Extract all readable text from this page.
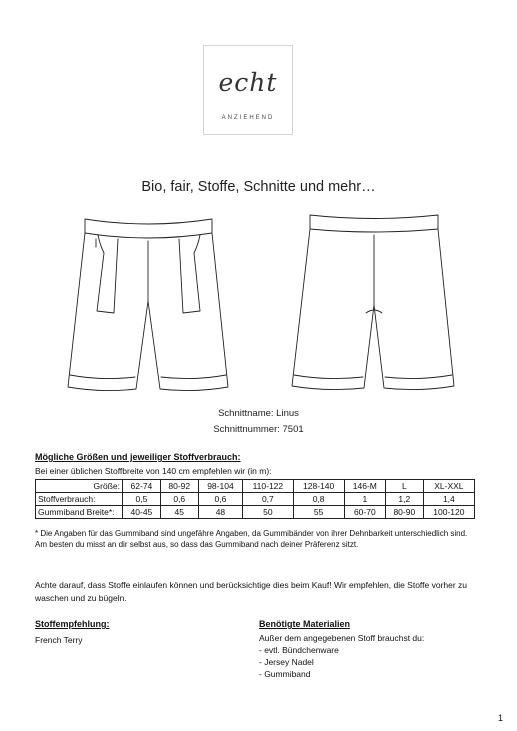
echt
ANZIEHEND
Bio, fair, Stoffe, Schnitte und mehr…
Schnittname: Linus
Schnittnummer: 7501
Mögliche Größen und jeweiliger Stoffverbrauch:
Bei einer üblichen Stoffbreite von 140 cm empfehlen wir (in m):
Größe:	62-74	80-92	98-104	110-122	128-140	146-M	L	XL-XXL
Stoffverbrauch:	0,5	0,6	0,6	0,7	0,8	1	1,2	1,4
Gummiband Breite*:	40-45	45	48	50	55	60-70	80-90	100-120
* Die Angaben für das Gummiband sind ungefähre Angaben, da Gummibänder von ihrer Dehnbarkeit unterschiedlich sind. Am besten du misst an dir selbst aus, so dass das Gummiband nach deiner Präferenz sitzt.
Achte darauf, dass Stoffe einlaufen können und berücksichtige dies beim Kauf! Wir empfehlen, die Stoffe vorher zu waschen und zu bügeln.
Stoffempfehlung:
French Terry
Benötigte Materialien
Außer dem angegebenen Stoff brauchst du:
- evtl. Bündchenware
- Jersey Nadel
- Gummiband
1
